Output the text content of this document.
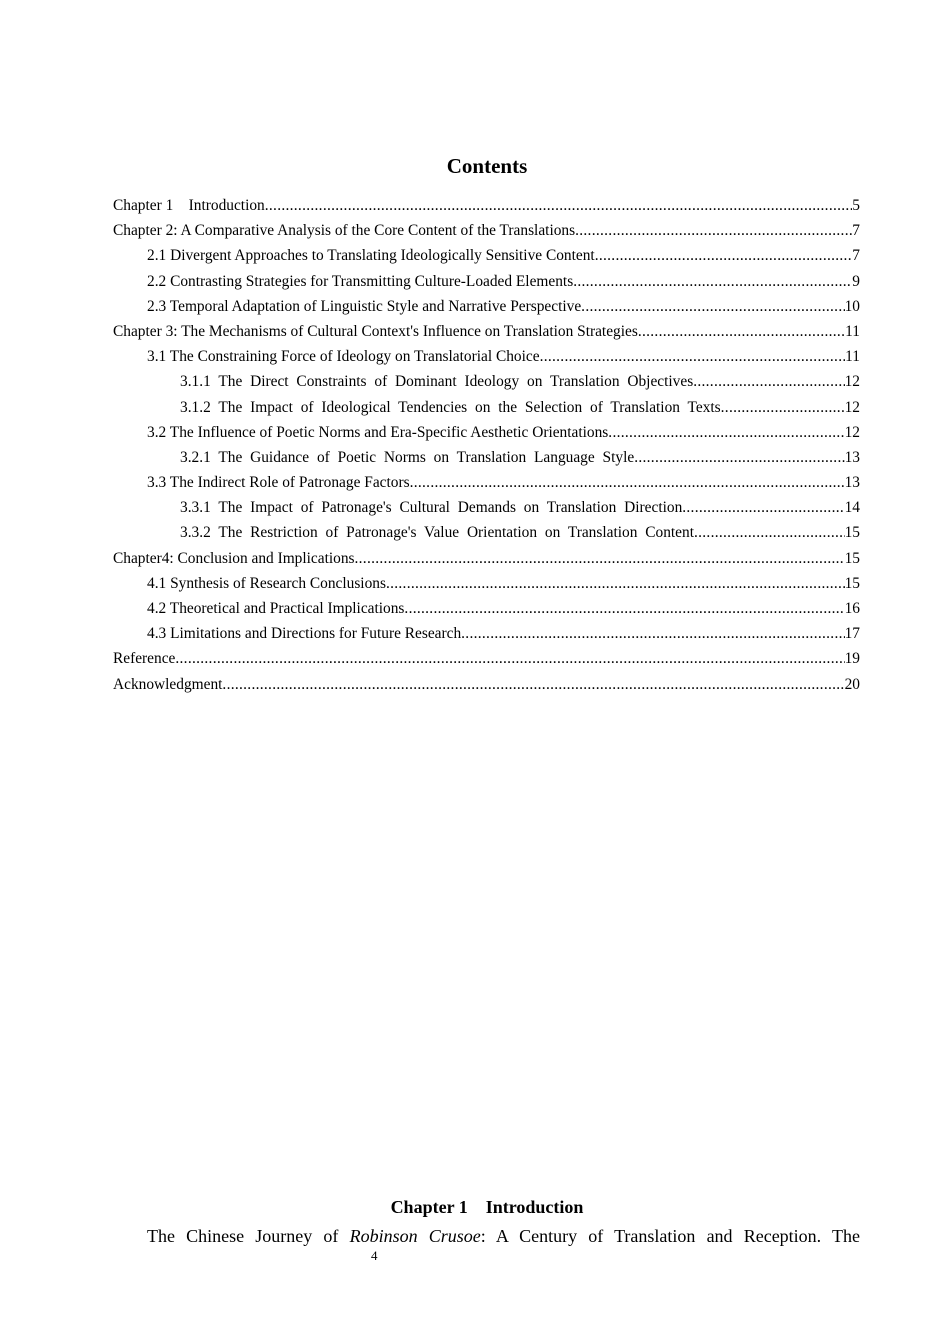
Contents
Chapter 1 Introduction .....	5
Chapter 2: A Comparative Analysis of the Core Content of the Translations .....	7
2.1 Divergent Approaches to Translating Ideologically Sensitive Content .....	7
2.2 Contrasting Strategies for Transmitting Culture-Loaded Elements .....	9
2.3 Temporal Adaptation of Linguistic Style and Narrative Perspective .....	10
Chapter 3: The Mechanisms of Cultural Context's Influence on Translation Strategies .....	11
3.1 The Constraining Force of Ideology on Translatorial Choice .....	11
3.1.1 The Direct Constraints of Dominant Ideology on Translation Objectives .....	12
3.1.2 The Impact of Ideological Tendencies on the Selection of Translation Texts .....	12
3.2 The Influence of Poetic Norms and Era-Specific Aesthetic Orientations .....	12
3.2.1 The Guidance of Poetic Norms on Translation Language Style .....	13
3.3 The Indirect Role of Patronage Factors .....	13
3.3.1 The Impact of Patronage's Cultural Demands on Translation Direction .....	14
3.3.2 The Restriction of Patronage's Value Orientation on Translation Content .....	15
Chapter4: Conclusion and Implications .....	15
4.1 Synthesis of Research Conclusions .....	15
4.2 Theoretical and Practical Implications .....	16
4.3 Limitations and Directions for Future Research .....	17
Reference .....	19
Acknowledgment .....	20
Chapter 1 Introduction
The Chinese Journey of Robinson Crusoe: A Century of Translation and Reception. The
4
